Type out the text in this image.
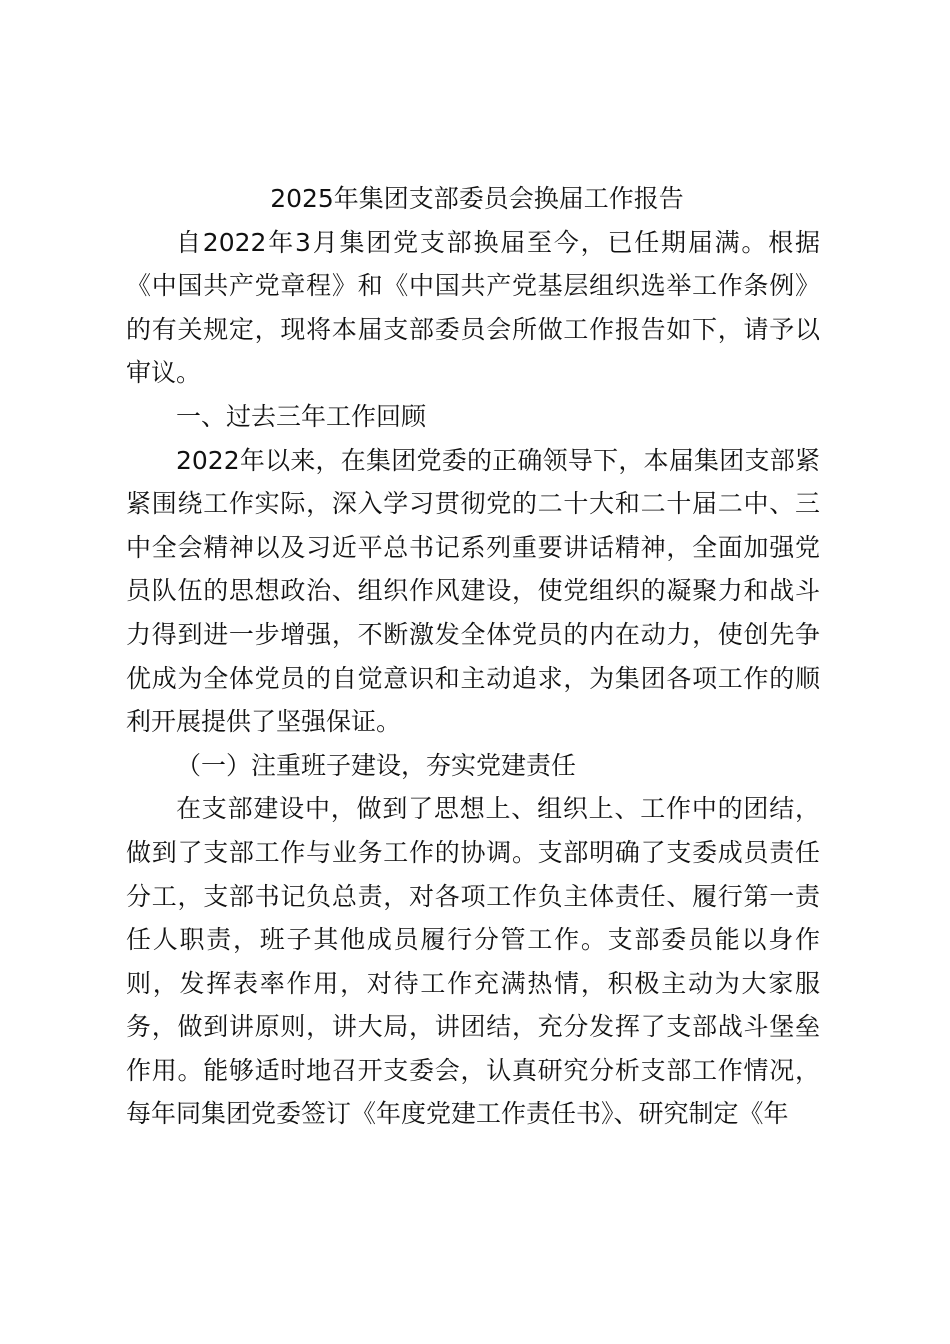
2025年集团支部委员会换届工作报告

自2022年3月集团党支部换届至今，已任期届满。根据《中国共产党章程》和《中国共产党基层组织选举工作条例》的有关规定，现将本届支部委员会所做工作报告如下，请予以审议。

一、过去三年工作回顾

2022年以来，在集团党委的正确领导下，本届集团支部紧紧围绕工作实际，深入学习贯彻党的二十大和二十届二中、三中全会精神以及习近平总书记系列重要讲话精神，全面加强党员队伍的思想政治、组织作风建设，使党组织的凝聚力和战斗力得到进一步增强，不断激发全体党员的内在动力，使创先争优成为全体党员的自觉意识和主动追求，为集团各项工作的顺利开展提供了坚强保证。

（一）注重班子建设，夯实党建责任

在支部建设中，做到了思想上、组织上、工作中的团结，做到了支部工作与业务工作的协调。支部明确了支委成员责任分工，支部书记负总责，对各项工作负主体责任、履行第一责任人职责，班子其他成员履行分管工作。支部委员能以身作则，发挥表率作用，对待工作充满热情，积极主动为大家服务，做到讲原则，讲大局，讲团结，充分发挥了支部战斗堡垒作用。能够适时地召开支委会，认真研究分析支部工作情况，每年同集团党委签订《年度党建工作责任书》、研究制定《年
